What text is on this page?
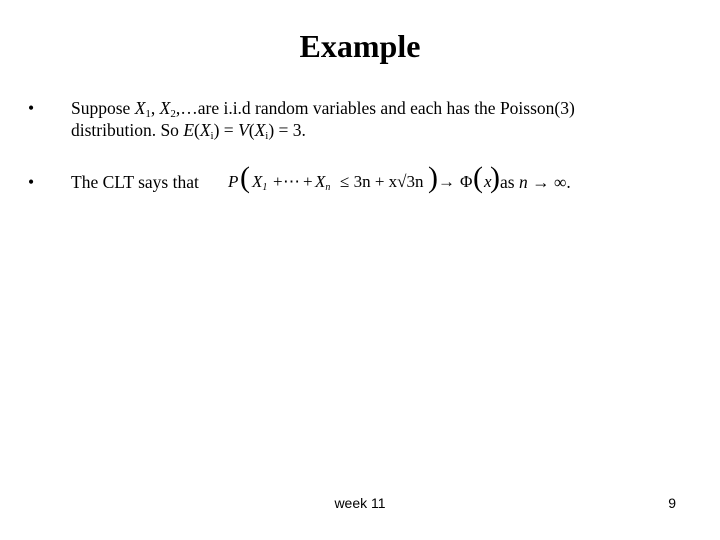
Example
• Suppose $X_1$, $X_2,\dots are$ i.i.d random variables and each has the Poisson(3)
distribution. So $E(X_i) = V(X_i) = 3$.
• The CLT says that	as n → ∞.
P ( $X_1$ + ⋯ + $X_n \le 3n + x√3n$ ) → Φ ( x
)
week 11	9
